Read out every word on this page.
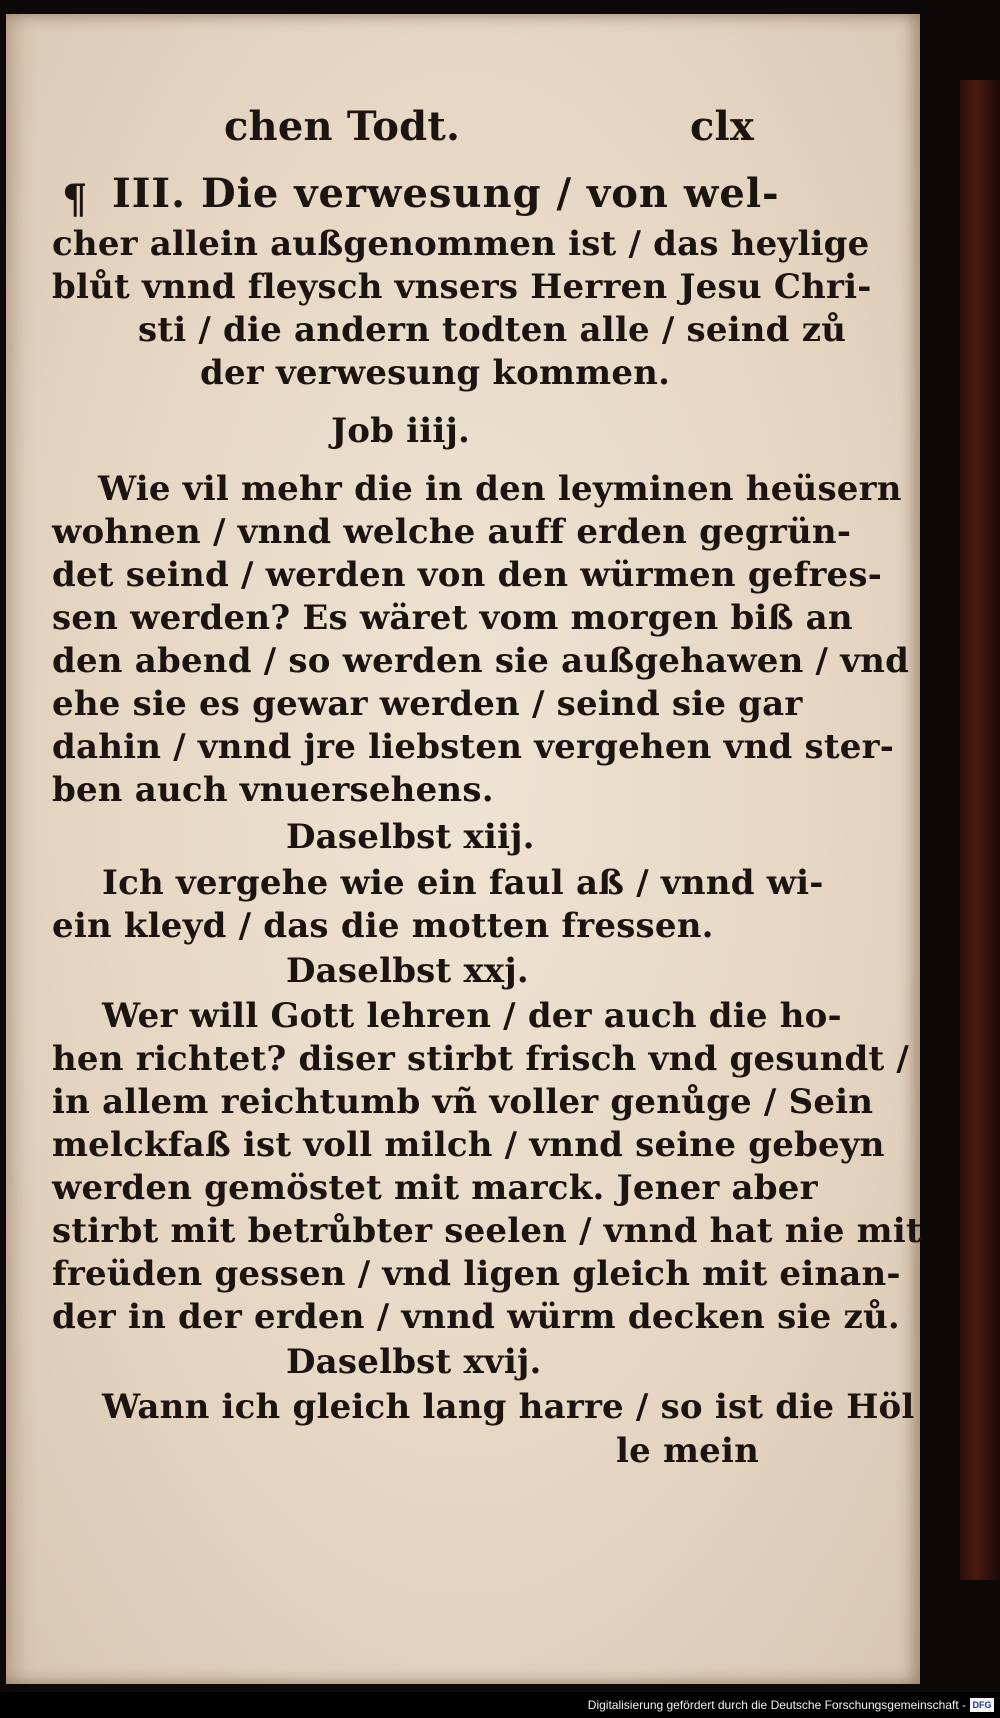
¶
chen Todt.	clx
III. Die verwesung / von wel-
cher allein außgenommen ist / das heylige
blůt vnnd fleysch vnsers Herren Jesu Chri-
sti / die andern todten alle / seind zů
der verwesung kommen.
Job iiij.
Wie vil mehr die in den leyminen heüsern
wohnen / vnnd welche auff erden gegrün-
det seind / werden von den würmen gefres-
sen werden? Es wäret vom morgen biß an
den abend / so werden sie außgehawen / vnd
ehe sie es gewar werden / seind sie gar
dahin / vnnd jre liebsten vergehen vnd ster-
ben auch vnuersehens.
Daselbst xiij.
Ich vergehe wie ein faul aß / vnnd wi-
ein kleyd / das die motten fressen.
Daselbst xxj.
Wer will Gott lehren / der auch die ho-
hen richtet? diser stirbt frisch vnd gesundt /
in allem reichtumb vñ voller genůge / Sein
melckfaß ist voll milch / vnnd seine gebeyn
werden gemöstet mit marck. Jener aber
stirbt mit betrůbter seelen / vnnd hat nie mit
freüden gessen / vnd ligen gleich mit einan-
der in der erden / vnnd würm decken sie zů.
Daselbst xvij.
Wann ich gleich lang harre / so ist die Höl
le mein
Digitalisierung gefördert durch die Deutsche Forschungsgemeinschaft - DFG
